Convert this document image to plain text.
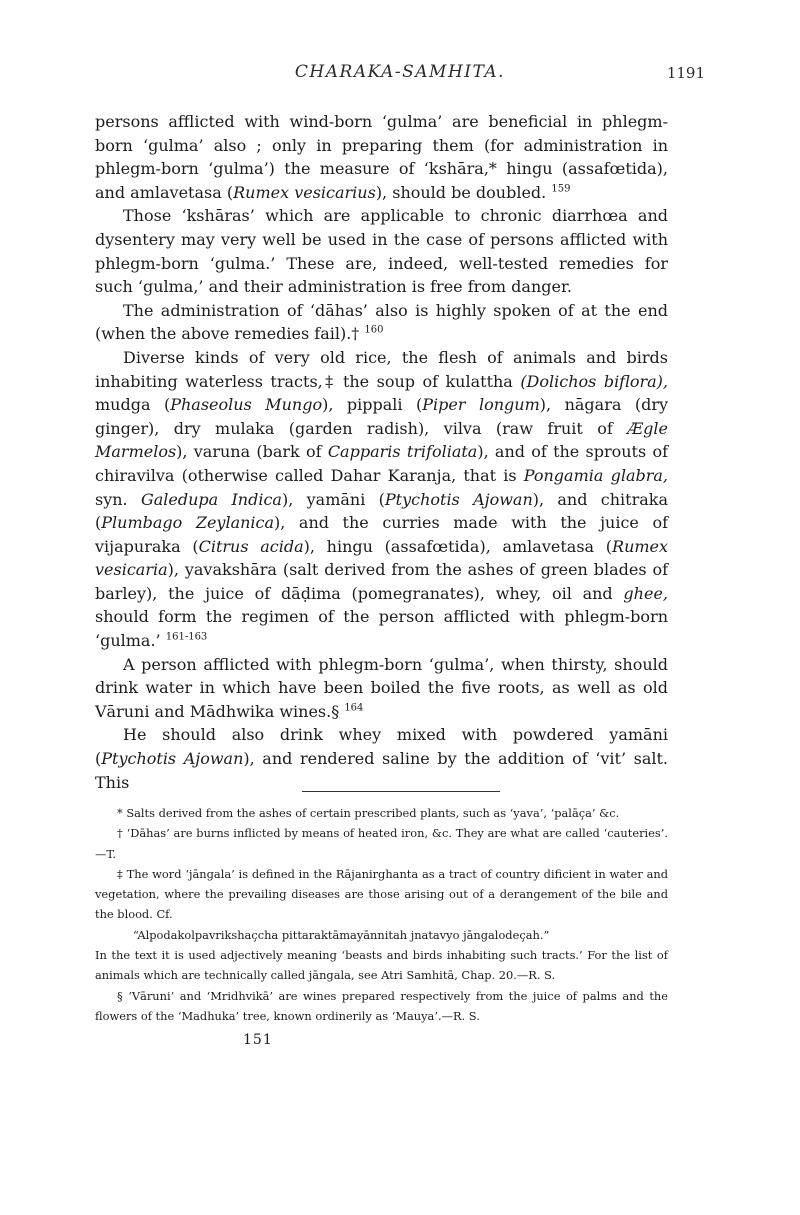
CHARAKA-SAMHITA.	1191

persons afflicted with wind-born ‘gulma’ are beneficial in phlegm-born ‘gulma’ also ; only in preparing them (for administration in phlegm-born ‘gulma’) the measure of ‘kshāra,* hingu (assafœtida), and amlavetasa (Rumex vesicarius), should be doubled. $^{159}$

Those ‘kshāras’ which are applicable to chronic diarrhœa and dysentery may very well be used in the case of persons afflicted with phlegm-born ‘gulma.’ These are, indeed, well-tested remedies for such ‘gulma,’ and their administration is free from danger.

The administration of ‘dāhas’ also is highly spoken of at the end (when the above remedies fail).† $^{160}$

Diverse kinds of very old rice, the flesh of animals and birds inhabiting waterless tracts,‡ the soup of kulattha (Dolichos biflora), mudga (Phaseolus Mungo), pippali (Piper longum), nāgara (dry ginger), dry mulaka (garden radish), vilva (raw fruit of Ægle Marmelos), varuna (bark of Capparis trifoliata), and of the sprouts of chiravilva (otherwise called Dahar Karanja, that is Pongamia glabra, syn. Galedupa Indica), yamāni (Ptychotis Ajowan), and chitraka (Plumbago Zeylanica), and the curries made with the juice of vijapuraka (Citrus acida), hingu (assafœtida), amlavetasa (Rumex vesicaria), yavakshāra (salt derived from the ashes of green blades of barley), the juice of dāḍima (pomegranates), whey, oil and ghee, should form the regimen of the person afflicted with phlegm-born ‘gulma.’ $^{161-163}$

A person afflicted with phlegm-born ‘gulma’, when thirsty, should drink water in which have been boiled the five roots, as well as old Vāruni and Mādhwika wines.§ $^{164}$

He should also drink whey mixed with powdered yamāni (Ptychotis Ajowan), and rendered saline by the addition of ‘vit’ salt. This

* Salts derived from the ashes of certain prescribed plants, such as ‘yava’, ‘palāça’ &c.

† ‘Dāhas’ are burns inflicted by means of heated iron, &c. They are what are called ‘cauteries’.—T.

‡ The word ‘jāngala’ is defined in the Rājanirghanta as a tract of country dificient in water and vegetation, where the prevailing diseases are those arising out of a derangement of the bile and the blood. Cf.

“Alpodakolpavrikshaçcha pittaraktāmayānnitah jnatavyo jāngalodeçah.”

In the text it is used adjectively meaning ‘beasts and birds inhabiting such tracts.’ For the list of animals which are technically called jāngala, see Atri Samhitā, Chap. 20.—R. S.

§ ‘Vāruni’ and ‘Mridhvikā’ are wines prepared respectively from the juice of palms and the flowers of the ‘Madhuka’ tree, known ordinerily as ‘Mauya’.—R. S.

151
